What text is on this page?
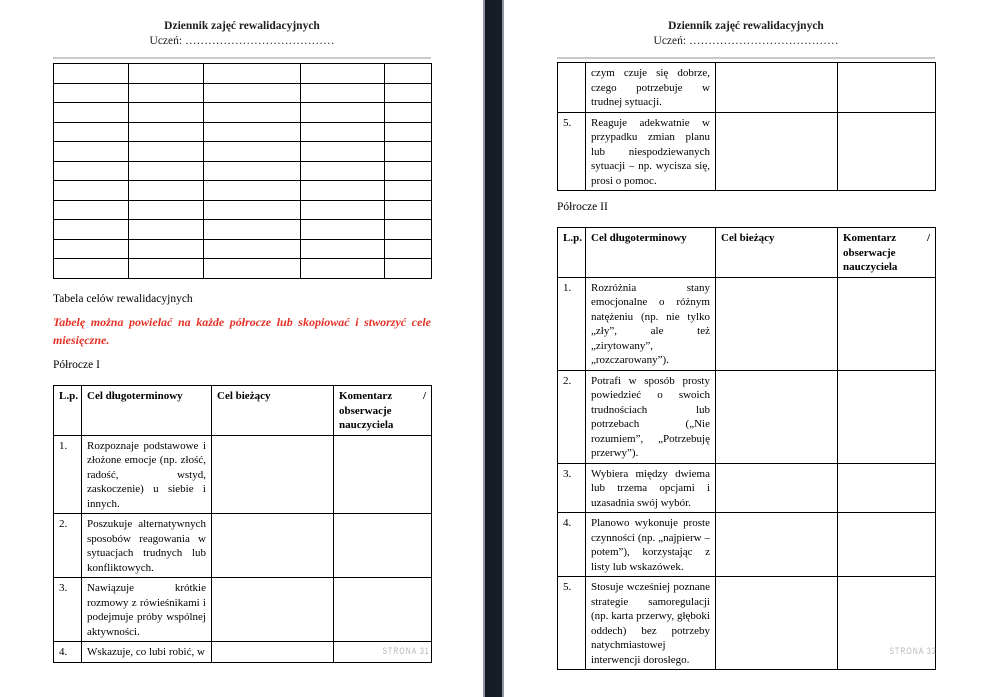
Dziennik zajęć rewalidacyjnych
Uczeń: …………………………………

Tabela celów rewalidacyjnych
Tabelę można powielać na każde półrocze lub skopiować i stworzyć cele miesięczne.
Półrocze I
L.p.	Cel długoterminowy	Cel bieżący	Komentarz / obserwacje nauczyciela
1.	Rozpoznaje podstawowe i złożone emocje (np. złość, radość, wstyd, zaskoczenie) u siebie i innych.		
2.	Poszukuje alternatywnych sposobów reagowania w sytuacjach trudnych lub konfliktowych.		
3.	Nawiązuje krótkie rozmowy z rówieśnikami i podejmuje próby wspólnej aktywności.		
4.	Wskazuje, co lubi robić, w			STRONA 31
Dziennik zajęć rewalidacyjnych
Uczeń: …………………………………
	czym czuje się dobrze, czego potrzebuje w trudnej sytuacji.		
5.	Reaguje adekwatnie w przypadku zmian planu lub niespodziewanych sytuacji – np. wycisza się, prosi o pomoc.		
Półrocze II
L.p.	Cel długoterminowy	Cel bieżący	Komentarz / obserwacje nauczyciela
1.	Rozróżnia stany emocjonalne o różnym natężeniu (np. nie tylko „zły”, ale też „zirytowany”, „rozczarowany”).		
2.	Potrafi w sposób prosty powiedzieć o swoich trudnościach lub potrzebach („Nie rozumiem”, „Potrzebuję przerwy”).		
3.	Wybiera między dwiema lub trzema opcjami i uzasadnia swój wybór.		
4.	Planowo wykonuje proste czynności (np. „najpierw – potem”), korzystając z listy lub wskazówek.		
5.	Stosuje wcześniej poznane strategie samoregulacji (np. karta przerwy, głęboki oddech) bez potrzeby natychmiastowej interwencji dorosłego.		
STRONA 32
